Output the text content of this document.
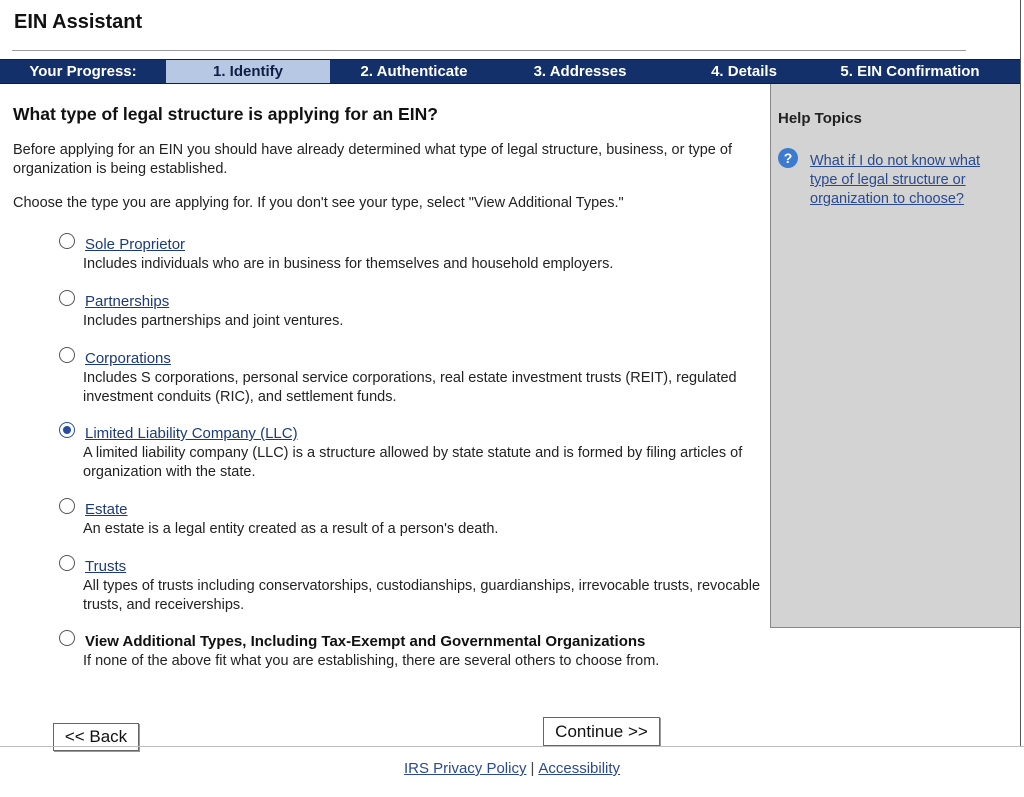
EIN Assistant
Your Progress:	1. Identify	2. Authenticate	3. Addresses	4. Details	5. EIN Confirmation
What type of legal structure is applying for an EIN?
Before applying for an EIN you should have already determined what type of legal structure, business, or type of organization is being established.
Choose the type you are applying for. If you don't see your type, select "View Additional Types."
Sole Proprietor
Includes individuals who are in business for themselves and household employers.
Partnerships
Includes partnerships and joint ventures.
Corporations
Includes S corporations, personal service corporations, real estate investment trusts (REIT), regulated investment conduits (RIC), and settlement funds.
Limited Liability Company (LLC)
A limited liability company (LLC) is a structure allowed by state statute and is formed by filing articles of organization with the state.
Estate
An estate is a legal entity created as a result of a person's death.
Trusts
All types of trusts including conservatorships, custodianships, guardianships, irrevocable trusts, revocable trusts, and receiverships.
View Additional Types, Including Tax-Exempt and Governmental Organizations
If none of the above fit what you are establishing, there are several others to choose from.
Help Topics
?	What if I do not know what type of legal structure or organization to choose?
<< Back	Continue >>
IRS Privacy Policy | Accessibility
